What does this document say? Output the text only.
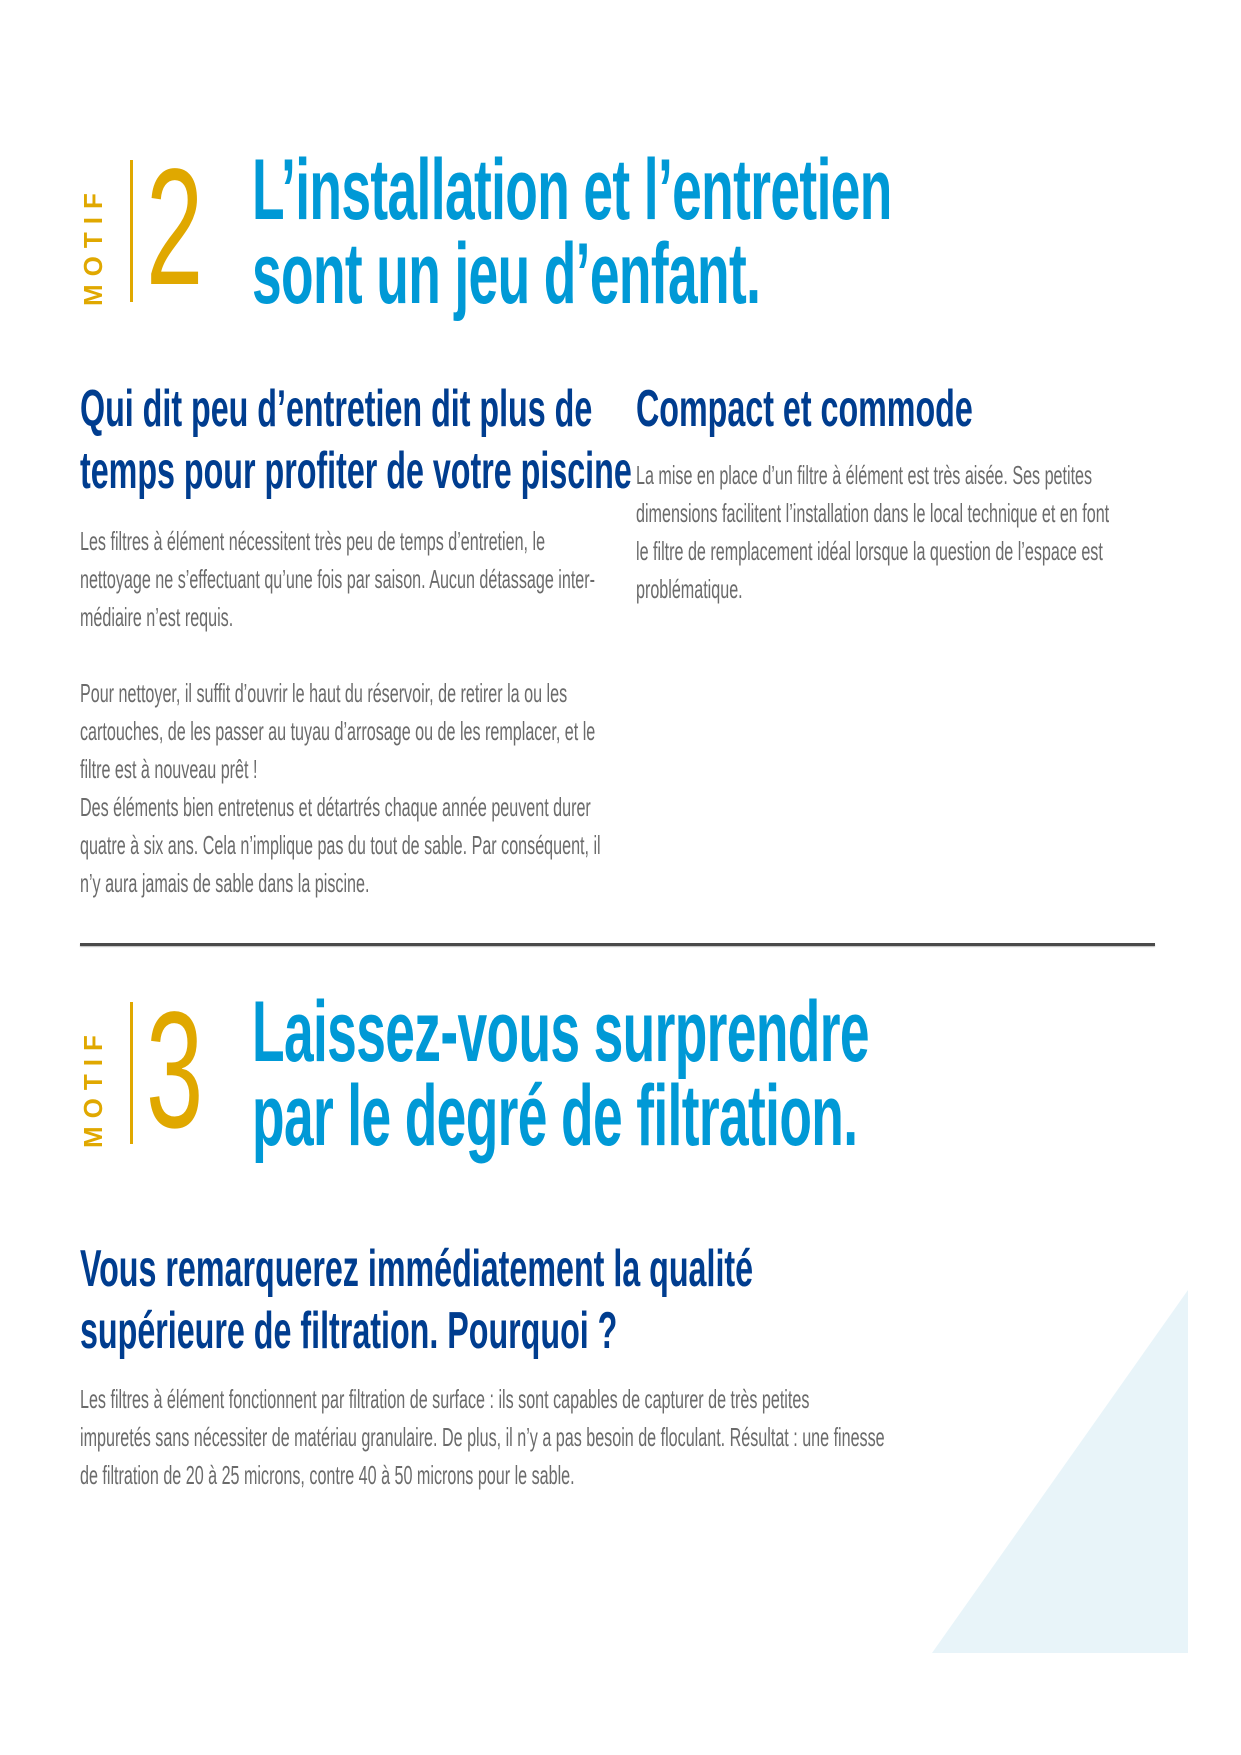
MOTIF 2 L’installation et l’entretien
sont un jeu d’enfant.
Qui dit peu d’entretien dit plus de
temps pour profiter de votre piscine
Les filtres à élément nécessitent très peu de temps d’entretien, le
nettoyage ne s’effectuant qu’une fois par saison. Aucun détassage inter-
médiaire n’est requis.
Pour nettoyer, il suffit d’ouvrir le haut du réservoir, de retirer la ou les
cartouches, de les passer au tuyau d’arrosage ou de les remplacer, et le
filtre est à nouveau prêt !
Des éléments bien entretenus et détartrés chaque année peuvent durer
quatre à six ans. Cela n’implique pas du tout de sable. Par conséquent, il
n’y aura jamais de sable dans la piscine.
Compact et commode
La mise en place d’un filtre à élément est très aisée. Ses petites
dimensions facilitent l’installation dans le local technique et en font
le filtre de remplacement idéal lorsque la question de l’espace est
problématique.
MOTIF 3 Laissez-vous surprendre
par le degré de filtration.
Vous remarquerez immédiatement la qualité
supérieure de filtration. Pourquoi ?
Les filtres à élément fonctionnent par filtration de surface : ils sont capables de capturer de très petites
impuretés sans nécessiter de matériau granulaire. De plus, il n’y a pas besoin de floculant. Résultat : une finesse
de filtration de 20 à 25 microns, contre 40 à 50 microns pour le sable.
